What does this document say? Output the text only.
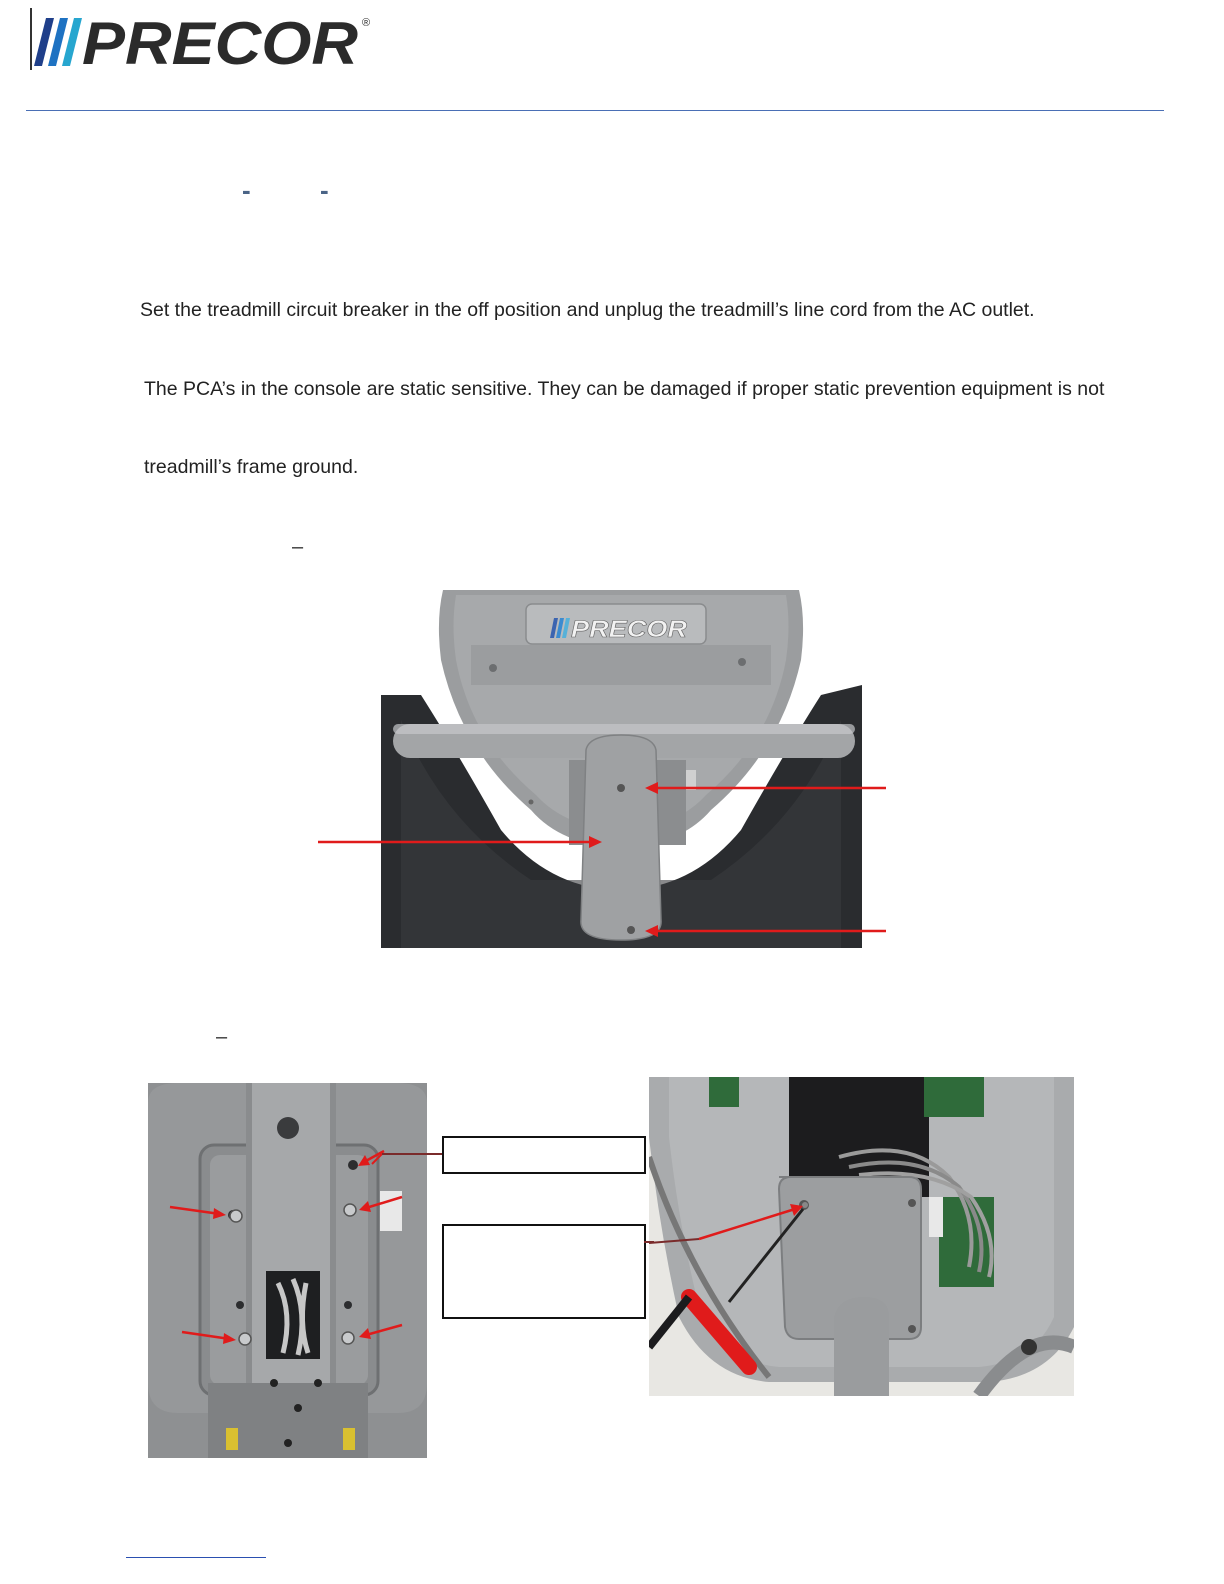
PRECOR ®
-	-
Set the treadmill circuit breaker in the off position and unplug the treadmill’s line cord from the AC outlet.
The PCA’s in the console are static sensitive. They can be damaged if proper static prevention equipment is not
treadmill’s frame ground.
–
PRECOR
–
